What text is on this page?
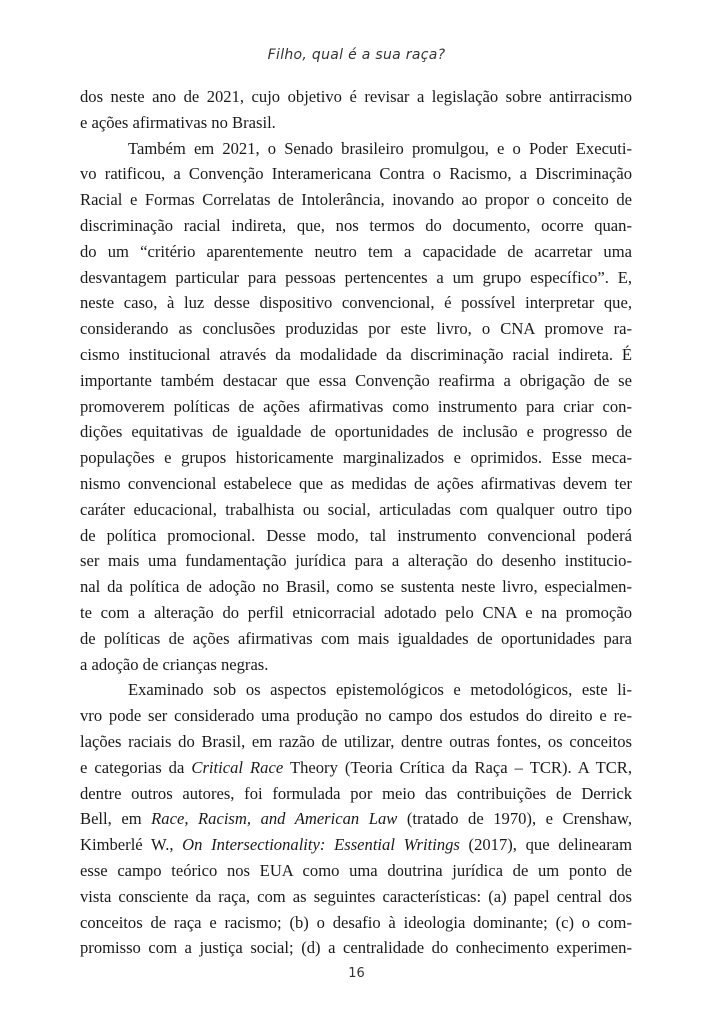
Filho, qual é a sua raça?
dos neste ano de 2021, cujo objetivo é revisar a legislação sobre antirracismo
e ações afirmativas no Brasil.
Também em 2021, o Senado brasileiro promulgou, e o Poder Executi-
vo ratificou, a Convenção Interamericana Contra o Racismo, a Discriminação
Racial e Formas Correlatas de Intolerância, inovando ao propor o conceito de
discriminação racial indireta, que, nos termos do documento, ocorre quan-
do um “critério aparentemente neutro tem a capacidade de acarretar uma
desvantagem particular para pessoas pertencentes a um grupo específico”. E,
neste caso, à luz desse dispositivo convencional, é possível interpretar que,
considerando as conclusões produzidas por este livro, o CNA promove ra-
cismo institucional através da modalidade da discriminação racial indireta. É
importante também destacar que essa Convenção reafirma a obrigação de se
promoverem políticas de ações afirmativas como instrumento para criar con-
dições equitativas de igualdade de oportunidades de inclusão e progresso de
populações e grupos historicamente marginalizados e oprimidos. Esse meca-
nismo convencional estabelece que as medidas de ações afirmativas devem ter
caráter educacional, trabalhista ou social, articuladas com qualquer outro tipo
de política promocional. Desse modo, tal instrumento convencional poderá
ser mais uma fundamentação jurídica para a alteração do desenho institucio-
nal da política de adoção no Brasil, como se sustenta neste livro, especialmen-
te com a alteração do perfil etnicorracial adotado pelo CNA e na promoção
de políticas de ações afirmativas com mais igualdades de oportunidades para
a adoção de crianças negras.
Examinado sob os aspectos epistemológicos e metodológicos, este li-
vro pode ser considerado uma produção no campo dos estudos do direito e re-
lações raciais do Brasil, em razão de utilizar, dentre outras fontes, os conceitos
e categorias da Critical Race Theory (Teoria Crítica da Raça – TCR). A TCR,
dentre outros autores, foi formulada por meio das contribuições de Derrick
Bell, em Race, Racism, and American Law (tratado de 1970), e Crenshaw,
Kimberlé W., On Intersectionality: Essential Writings (2017), que delinearam
esse campo teórico nos EUA como uma doutrina jurídica de um ponto de
vista consciente da raça, com as seguintes características: (a) papel central dos
conceitos de raça e racismo; (b) o desafio à ideologia dominante; (c) o com-
promisso com a justiça social; (d) a centralidade do conhecimento experimen-
16
